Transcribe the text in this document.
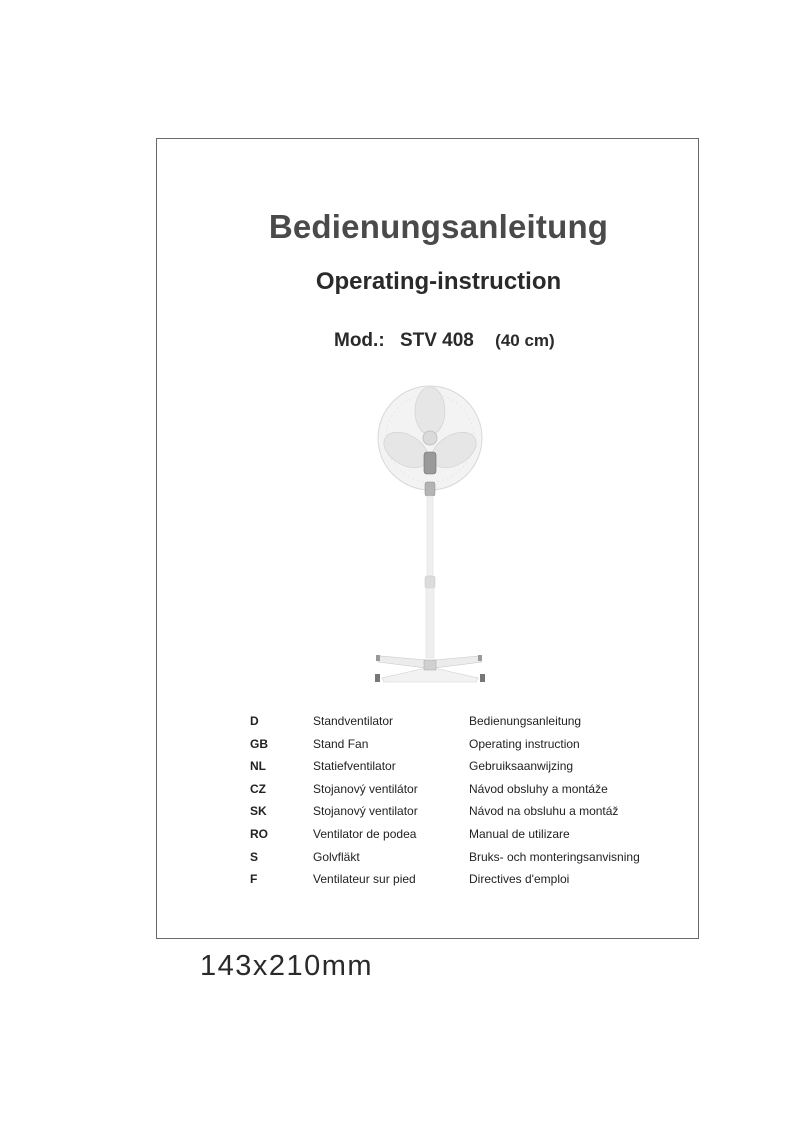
Bedienungsanleitung
Operating-instruction
Mod.: STV 408 (40 cm)
D	Standventilator	Bedienungsanleitung
GB	Stand Fan	Operating instruction
NL	Statiefventilator	Gebruiksaanwijzing
CZ	Stojanový ventilátor	Návod obsluhy a montáže
SK	Stojanový ventilator	Návod na obsluhu a montáž
RO	Ventilator de podea	Manual de utilizare
S	Golvfläkt	Bruks- och monteringsanvisning
F	Ventilateur sur pied	Directives d'emploi
143x210mm
